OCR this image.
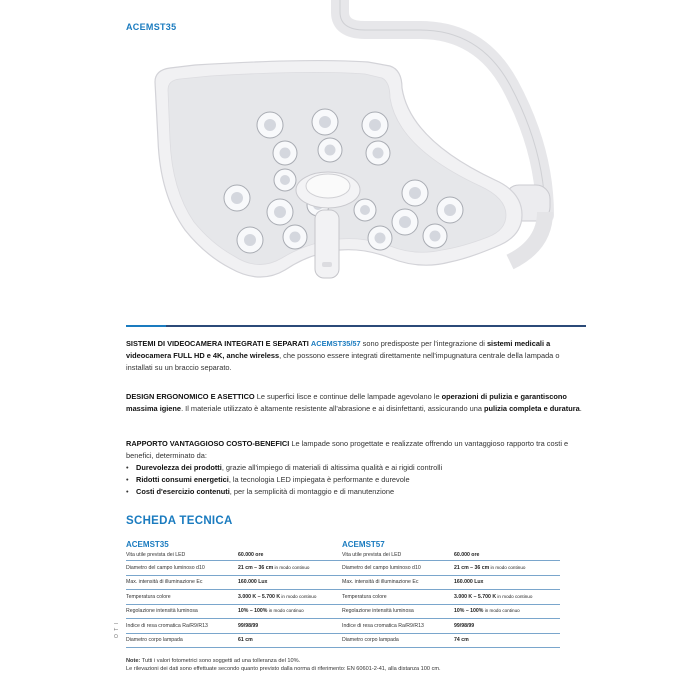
ACEMST35
SISTEMI DI VIDEOCAMERA INTEGRATI E SEPARATI ACEMST35/57 sono predisposte per l'integrazione di sistemi medicali a videocamera FULL HD e 4K, anche wireless, che possono essere integrati direttamente nell'impugnatura centrale della lampada o installati su un braccio separato.
DESIGN ERGONOMICO E ASETTICO Le superfici lisce e continue delle lampade agevolano le operazioni di pulizia e garantiscono massima igiene. Il materiale utilizzato è altamente resistente all'abrasione e ai disinfettanti, assicurando una pulizia completa e duratura.
RAPPORTO VANTAGGIOSO COSTO-BENEFICI Le lampade sono progettate e realizzate offrendo un vantaggioso rapporto tra costi e benefici, determinato da:
• Durevolezza dei prodotti, grazie all'impiego di materiali di altissima qualità e ai rigidi controlli
• Ridotti consumi energetici, la tecnologia LED impiegata è performante e durevole
• Costi d'esercizio contenuti, per la semplicità di montaggio e di manutenzione
SCHEDA TECNICA
ACEMST35
Vita utile prevista dei LED	60.000 ore
Diametro del campo luminoso d10	21 cm – 36 cm in modo continuo
Max. intensità di illuminazione Ec	160.000 Lux
Temperatura colore	3.000 K – 5.700 K in modo continuo
Regolazione intensità luminosa	10% – 100% in modo continuo
Indice di resa cromatica Ra/R9/R13	99/98/99
Diametro corpo lampada	61 cm
ACEMST57
Vita utile prevista dei LED	60.000 ore
Diametro del campo luminoso d10	21 cm – 36 cm in modo continuo
Max. intensità di illuminazione Ec	160.000 Lux
Temperatura colore	3.000 K – 5.700 K in modo continuo
Regolazione intensità luminosa	10% – 100% in modo continuo
Indice di resa cromatica Ra/R9/R13	99/98/99
Diametro corpo lampada	74 cm
O T I
Note: Tutti i valori fotometrici sono soggetti ad una tolleranza del 10%.
Le rilevazioni dei dati sono effettuate secondo quanto previsto dalla norma di riferimento: EN 60601-2-41, alla distanza 100 cm.
